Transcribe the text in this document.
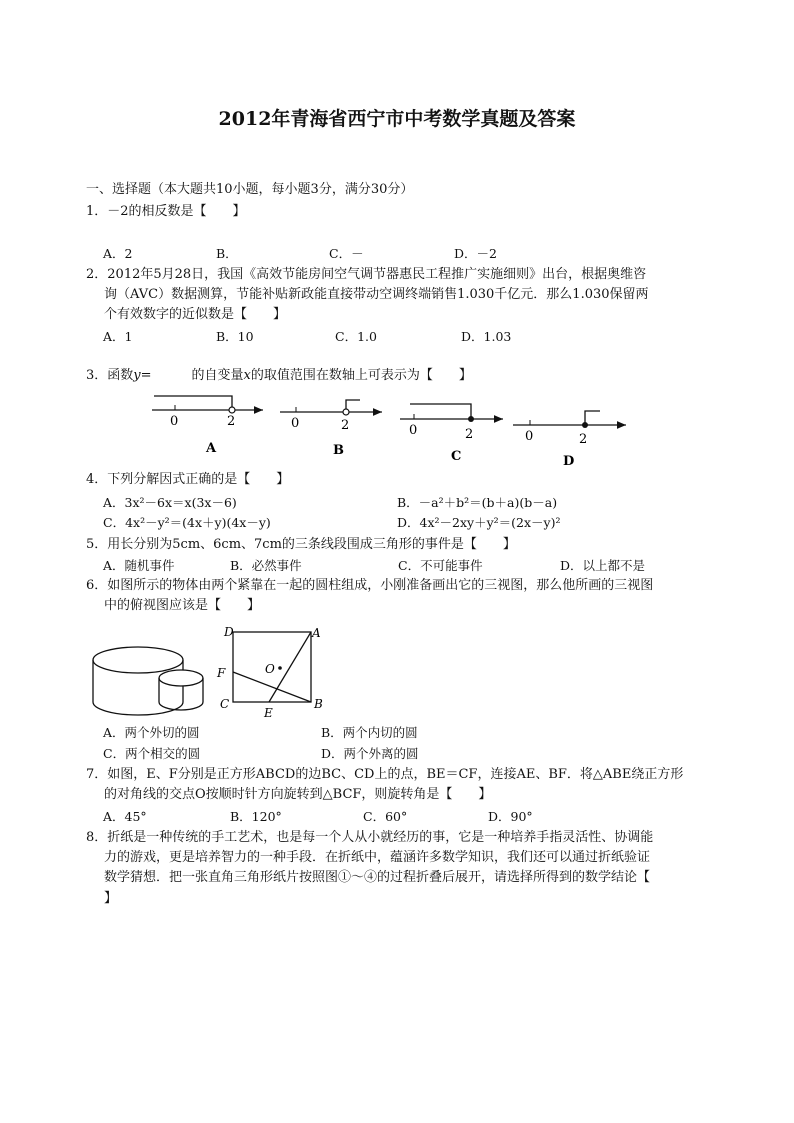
2012年青海省西宁市中考数学真题及答案
一、选择题（本大题共10小题，每小题3分，满分30分）
1．－2的相反数是【　　】
A．2	B．	C．－	D．－2
2．2012年5月28日，我国《高效节能房间空气调节器惠民工程推广实施细则》出台，根据奥维咨
询（AVC）数据测算，节能补贴新政能直接带动空调终端销售1.030千亿元．那么1.030保留两
个有效数字的近似数是【　　】
A．1	B．10	C．1.0	D．1.03
3．函数y=	的自变量x的取值范围在数轴上可表示为【　　】
0	2
A
0	2
B
0	2
C
0	2
D
4．下列分解因式正确的是【　　】
A．3x²－6x＝x(3x－6)	B．－a²＋b²＝(b＋a)(b－a)
C．4x²－y²＝(4x＋y)(4x－y)	D．4x²－2xy＋y²＝(2x－y)²
5．用长分别为5cm、6cm、7cm的三条线段围成三角形的事件是【　　】
A．随机事件	B．必然事件	C．不可能事件	D．以上都不是
6．如图所示的物体由两个紧靠在一起的圆柱组成，小刚准备画出它的三视图，那么他所画的三视图
中的俯视图应该是【　　】
D	A
F	O
C
E
B
A．两个外切的圆	B．两个内切的圆
C．两个相交的圆	D．两个外离的圆
7．如图，E、F分别是正方形ABCD的边BC、CD上的点，BE＝CF，连接AE、BF．将△ABE绕正方形
的对角线的交点O按顺时针方向旋转到△BCF，则旋转角是【　　】
A．45°	B．120°	C．60°	D．90°
8．折纸是一种传统的手工艺术，也是每一个人从小就经历的事，它是一种培养手指灵活性、协调能
力的游戏，更是培养智力的一种手段．在折纸中，蕴涵许多数学知识，我们还可以通过折纸验证
数学猜想．把一张直角三角形纸片按照图①～④的过程折叠后展开，请选择所得到的数学结论【
】
